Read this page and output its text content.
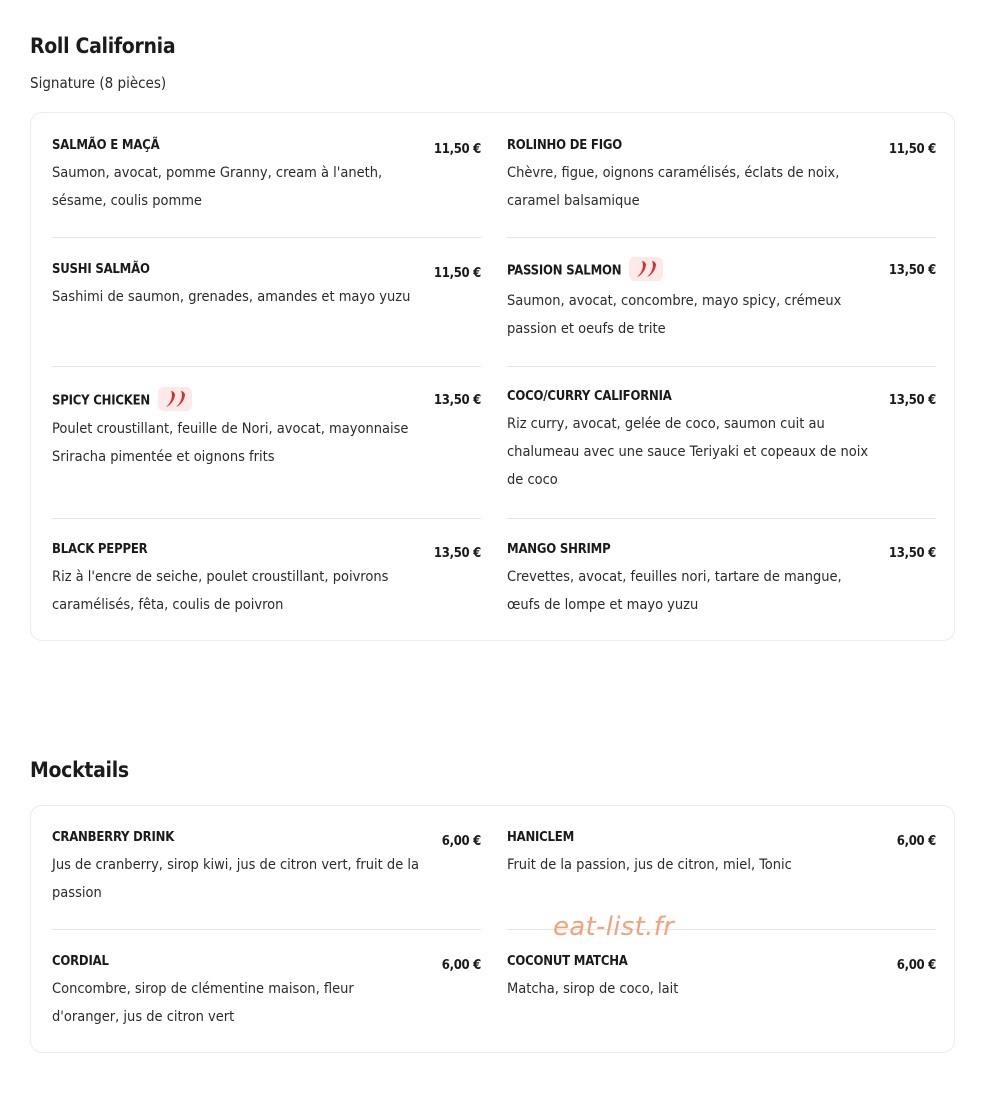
Roll California

Signature (8 pièces)

SALMÃO E MAÇÃ	11,50 €

Saumon, avocat, pomme Granny, cream à l'aneth, sésame, coulis pomme

SUSHI SALMÃO	11,50 €

Sashimi de saumon, grenades, amandes et mayo yuzu

SPICY CHICKEN	13,50 €

Poulet croustillant, feuille de Nori, avocat, mayonnaise Sriracha pimentée et oignons frits

BLACK PEPPER	13,50 €

Riz à l'encre de seiche, poulet croustillant, poivrons caramélisés, fêta, coulis de poivron

ROLINHO DE FIGO	11,50 €

Chèvre, figue, oignons caramélisés, éclats de noix, caramel balsamique

PASSION SALMON	13,50 €

Saumon, avocat, concombre, mayo spicy, crémeux passion et oeufs de trite

COCO/CURRY CALIFORNIA	13,50 €

Riz curry, avocat, gelée de coco, saumon cuit au chalumeau avec une sauce Teriyaki et copeaux de noix de coco

MANGO SHRIMP	13,50 €

Crevettes, avocat, feuilles nori, tartare de mangue, œufs de lompe et mayo yuzu

Mocktails
CRANBERRY DRINK	6,00 €

Jus de cranberry, sirop kiwi, jus de citron vert, fruit de la passion

CORDIAL	6,00 €

Concombre, sirop de clémentine maison, fleur d'oranger, jus de citron vert

HANICLEM	6,00 €

Fruit de la passion, jus de citron, miel, Tonic

COCONUT MATCHA	6,00 €

Matcha, sirop de coco, lait

eat-list.fr
